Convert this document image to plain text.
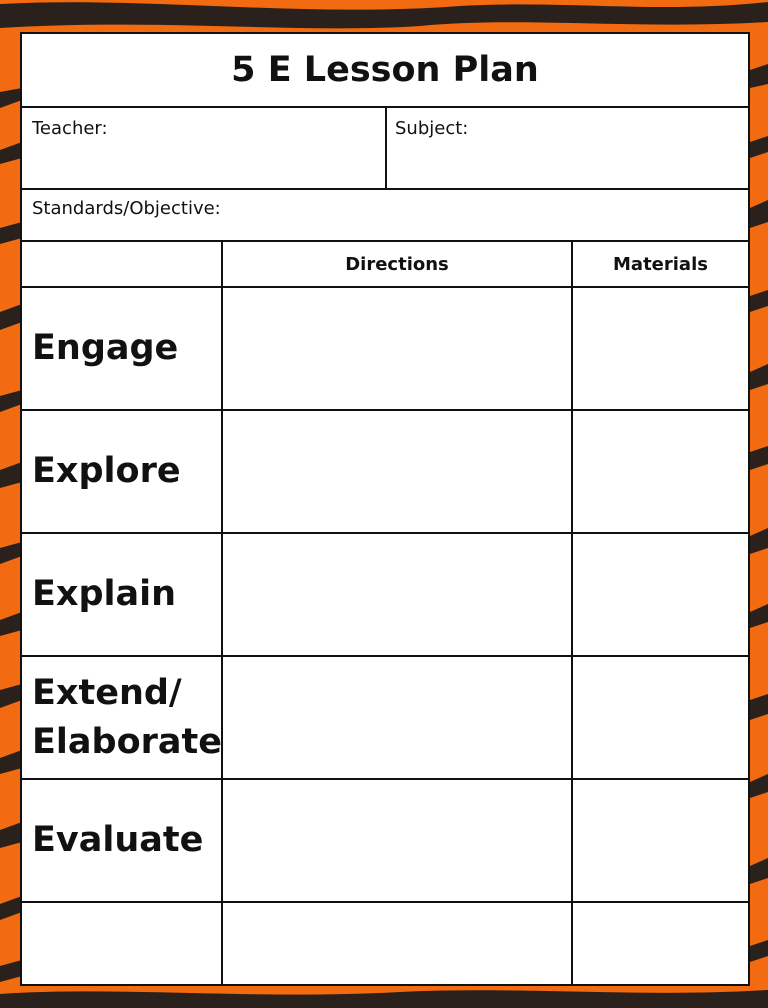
5 E Lesson Plan
Teacher:	Subject:
Standards/Objective:
Directions	Materials
Engage
Explore
Explain
Extend/
Elaborate
Evaluate
